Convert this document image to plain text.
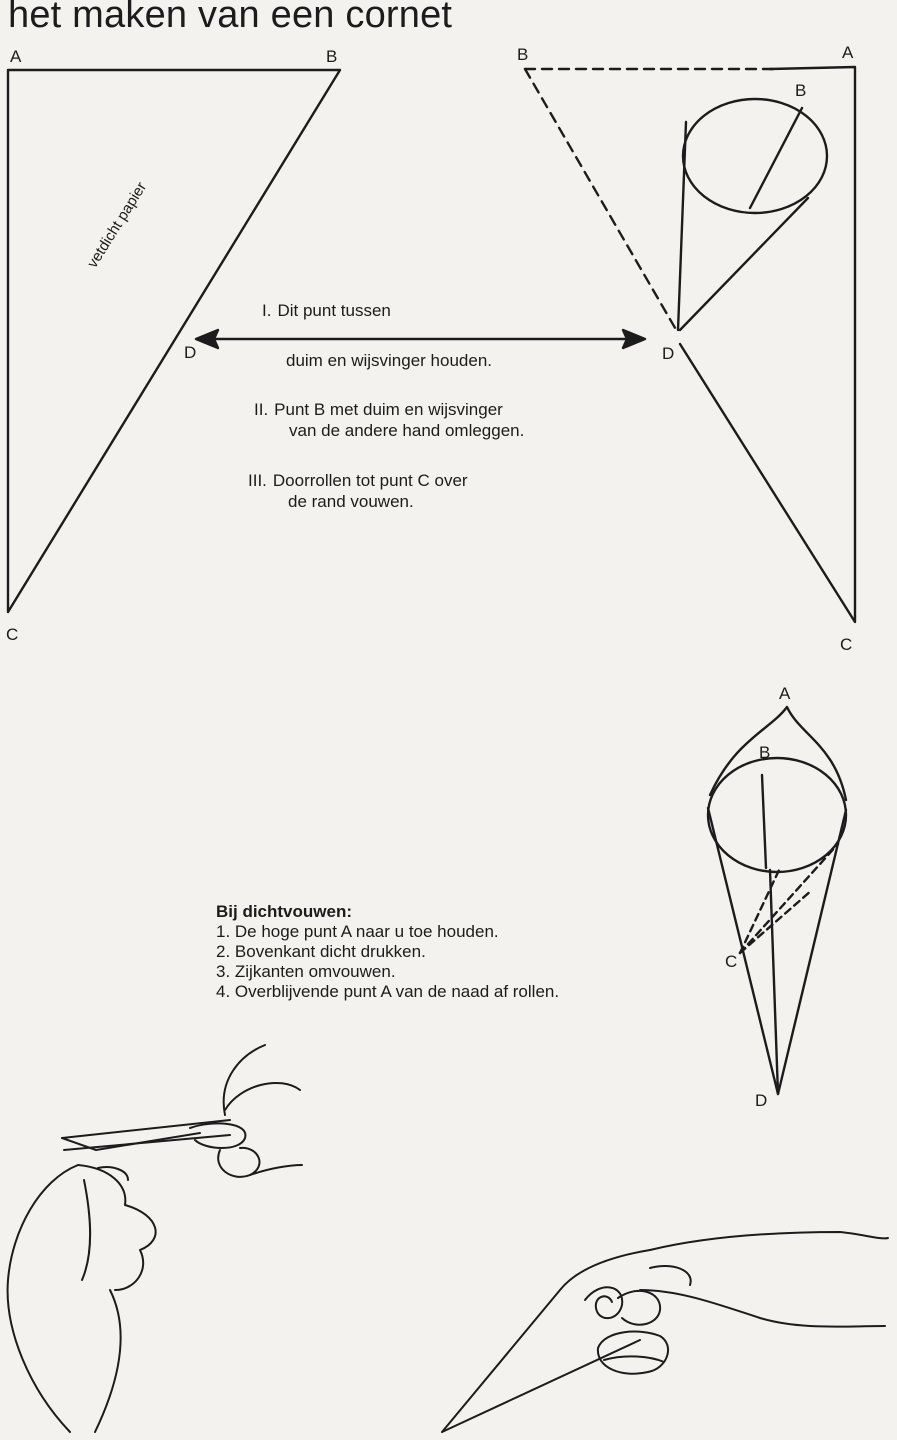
het maken van een cornet
A	B
C
D
B	A
B
D
C
A
B
C
D
vetdicht papier
I. Dit punt tussen
duim en wijsvinger houden.
II. Punt B met duim en wijsvinger
van de andere hand omleggen.
III. Doorrollen tot punt C over
de rand vouwen.
Bij dichtvouwen:
1. De hoge punt A naar u toe houden.
2. Bovenkant dicht drukken.
3. Zijkanten omvouwen.
4. Overblijvende punt A van de naad af rollen.
